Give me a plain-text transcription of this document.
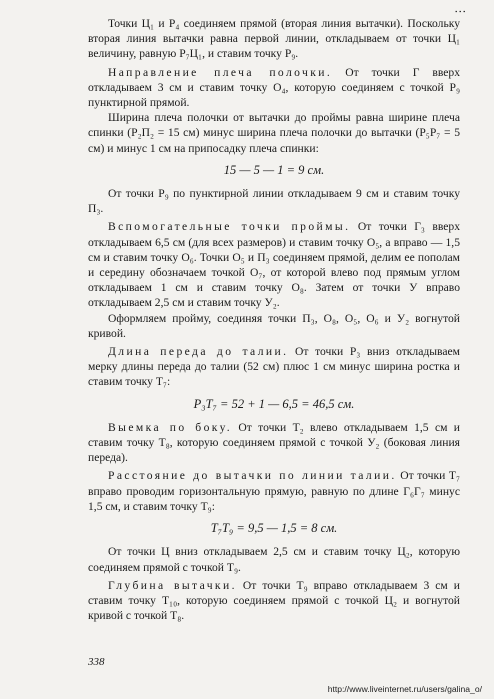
⋮

Точки Ц₁ и Р₄ соединяем прямой (вторая линия вытачки). Поскольку вторая линия вытачки равна первой линии, откладываем от точки Ц₁ величину, равную Р₇Ц₁, и ставим точку Р₉.

Направление плеча полочки. От точки Г вверх откладываем 3 см и ставим точку О₄, которую соединяем с точкой Р₉ пунктирной прямой.

Ширина плеча полочки от вытачки до проймы равна ширине плеча спинки (Р₂П₂ = 15 см) минус ширина плеча полочки до вытачки (Р₅Р₇ = 5 см) и минус 1 см на припосадку плеча спинки:

15 — 5 — 1 = 9 см.

От точки Р₉ по пунктирной линии откладываем 9 см и ставим точку П₃.

Вспомогательные точки проймы. От точки Г₃ вверх откладываем 6,5 см (для всех размеров) и ставим точку О₅, а вправо — 1,5 см и ставим точку О₆. Точки О₅ и П₃ соединяем прямой, делим ее пополам и середину обозначаем точкой О₇, от которой влево под прямым углом откладываем 1 см и ставим точку О₈. Затем от точки У вправо откладываем 2,5 см и ставим точку У₂.

Оформляем пройму, соединяя точки П₃, О₈, О₅, О₆ и У₂ вогнутой кривой.

Длина переда до талии. От точки Р₃ вниз откладываем мерку длины переда до талии (52 см) плюс 1 см минус ширина ростка и ставим точку Т₇:

Р₃Т₇ = 52 + 1 — 6,5 = 46,5 см.

Выемка по боку. От точки Т₂ влево откладываем 1,5 см и ставим точку Т₈, которую соединяем прямой с точкой У₂ (боковая линия переда).

Расстояние до вытачки по линии талии. От точки Т₇ вправо проводим горизонтальную прямую, равную по длине Г₆Г₇ минус 1,5 см, и ставим точку Т₉:

Т₇Т₉ = 9,5 — 1,5 = 8 см.

От точки Ц вниз откладываем 2,5 см и ставим точку Ц₂, которую соединяем прямой с точкой Т₉.

Глубина вытачки. От точки Т₉ вправо откладываем 3 см и ставим точку Т₁₀, которую соединяем прямой с точкой Ц₂ и вогнутой кривой с точкой Т₈.

338
http://www.liveinternet.ru/users/galina_o/
